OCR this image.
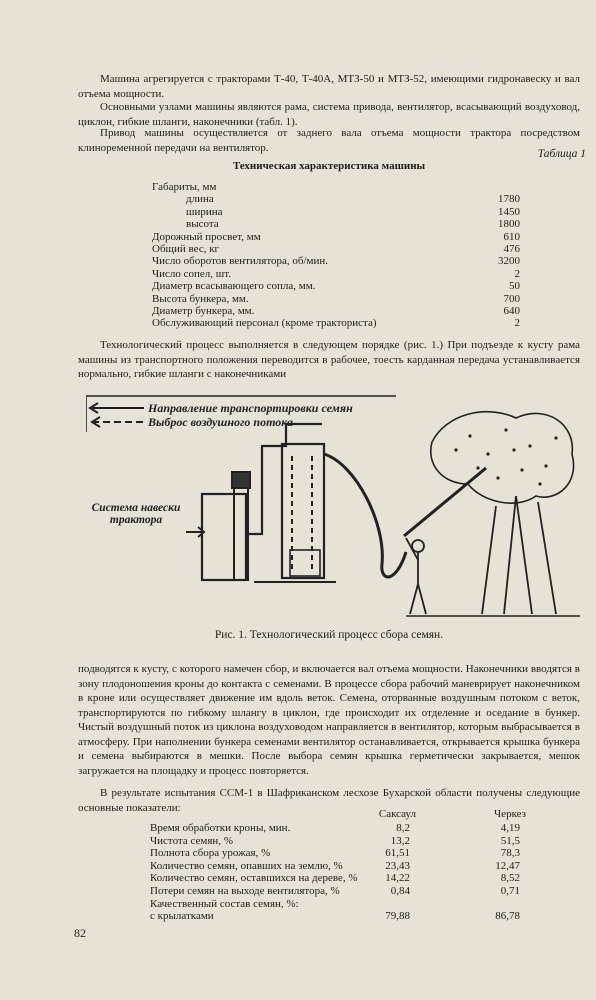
Машина агрегируется с тракторами Т-40, Т-40А, МТЗ-50 и МТЗ-52, имеющими гидронавеску и вал отъема мощности.
Основными узлами машины являются рама, система привода, вентилятор, всасывающий воздуховод, циклон, гибкие шланги, наконечники (табл. 1).
Привод машины осуществляется от заднего вала отъема мощности трактора посредством клиноременной передачи на вентилятор.
Таблица 1
Техническая характеристика машины
Габариты, мм
длина	1780
ширина	1450
высота	1800
Дорожный просвет, мм	610
Общий вес, кг	476
Число оборотов вентилятора, об/мин.	3200
Число сопел, шт.	2
Диаметр всасывающего сопла, мм.	50
Высота бункера, мм.	700
Диаметр бункера, мм.	640
Обслуживающий персонал (кроме тракториста)	2
Технологический процесс выполняется в следующем порядке (рис. 1.) При подъезде к кусту рама машины из транспортного положения переводится в рабочее, тоесть карданная передача устанавливается нормально, гибкие шланги с наконечниками
Направление транспортировки семян
Выброс воздушного потока
Система навески трактора
Рис. 1. Технологический процесс сбора семян.
подводятся к кусту, с которого намечен сбор, и включается вал отъема мощности. Наконечники вводятся в зону плодоношения кроны до контакта с семенами. В процессе сбора рабочий маневрирует наконечником в кроне или осуществляет движение им вдоль веток. Семена, оторванные воздушным потоком с веток, транспортируются по гибкому шлангу в циклон, где происходит их отделение и оседание в бункер. Чистый воздушный поток из циклона воздуховодом направляется в вентилятор, которым выбрасывается в атмосферу. При наполнении бункера семенами вентилятор останавливается, открывается крышка бункера и семена выбираются в мешки. После выбора семян крышка герметически закрывается, мешок загружается на площадку и процесс повторяется.
В результате испытания ССМ-1 в Шафриканском лесхозе Бухарской области получены следующие основные показатели:
Саксаул	Черкез
Время обработки кроны, мин.	8,2	4,19
Чистота семян, %	13,2	51,5
Полнота сбора урожая, %	61,51	78,3
Количество семян, опавших на землю, %	23,43	12,47
Количество семян, оставшихся на дереве, %	14,22	8,52
Потери семян на выходе вентилятора, %	0,84	0,71
Качественный состав семян, %:
с крылатками	79,88	86,78
82
